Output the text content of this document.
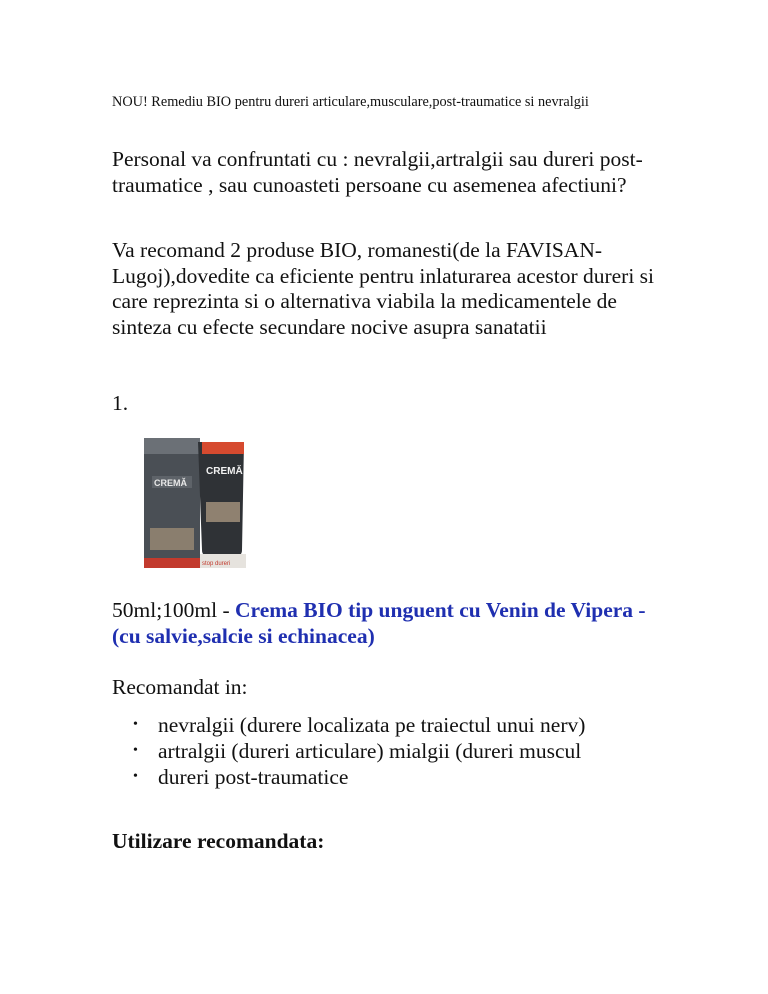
NOU! Remediu BIO pentru dureri articulare,musculare,post-traumatice si nevralgii

Personal va confruntati cu : nevralgii,artralgii sau dureri post-traumatice , sau cunoasteti persoane cu asemenea afectiuni?

Va recomand 2 produse BIO, romanesti(de la FAVISAN-Lugoj),dovedite ca eficiente pentru inlaturarea acestor dureri si care reprezinta si o alternativa viabila la medicamentele de sinteza cu efecte secundare nocive asupra sanatatii

1.
CREMĂ
CREMĂ
stop dureri
50ml;100ml - Crema BIO tip unguent cu Venin de Vipera - (cu salvie,salcie si echinacea)
Recomandat in:
• nevralgii (durere localizata pe traiectul unui nerv)
• artralgii (dureri articulare) mialgii (dureri muscul
• dureri post-traumatice
Utilizare recomandata:
